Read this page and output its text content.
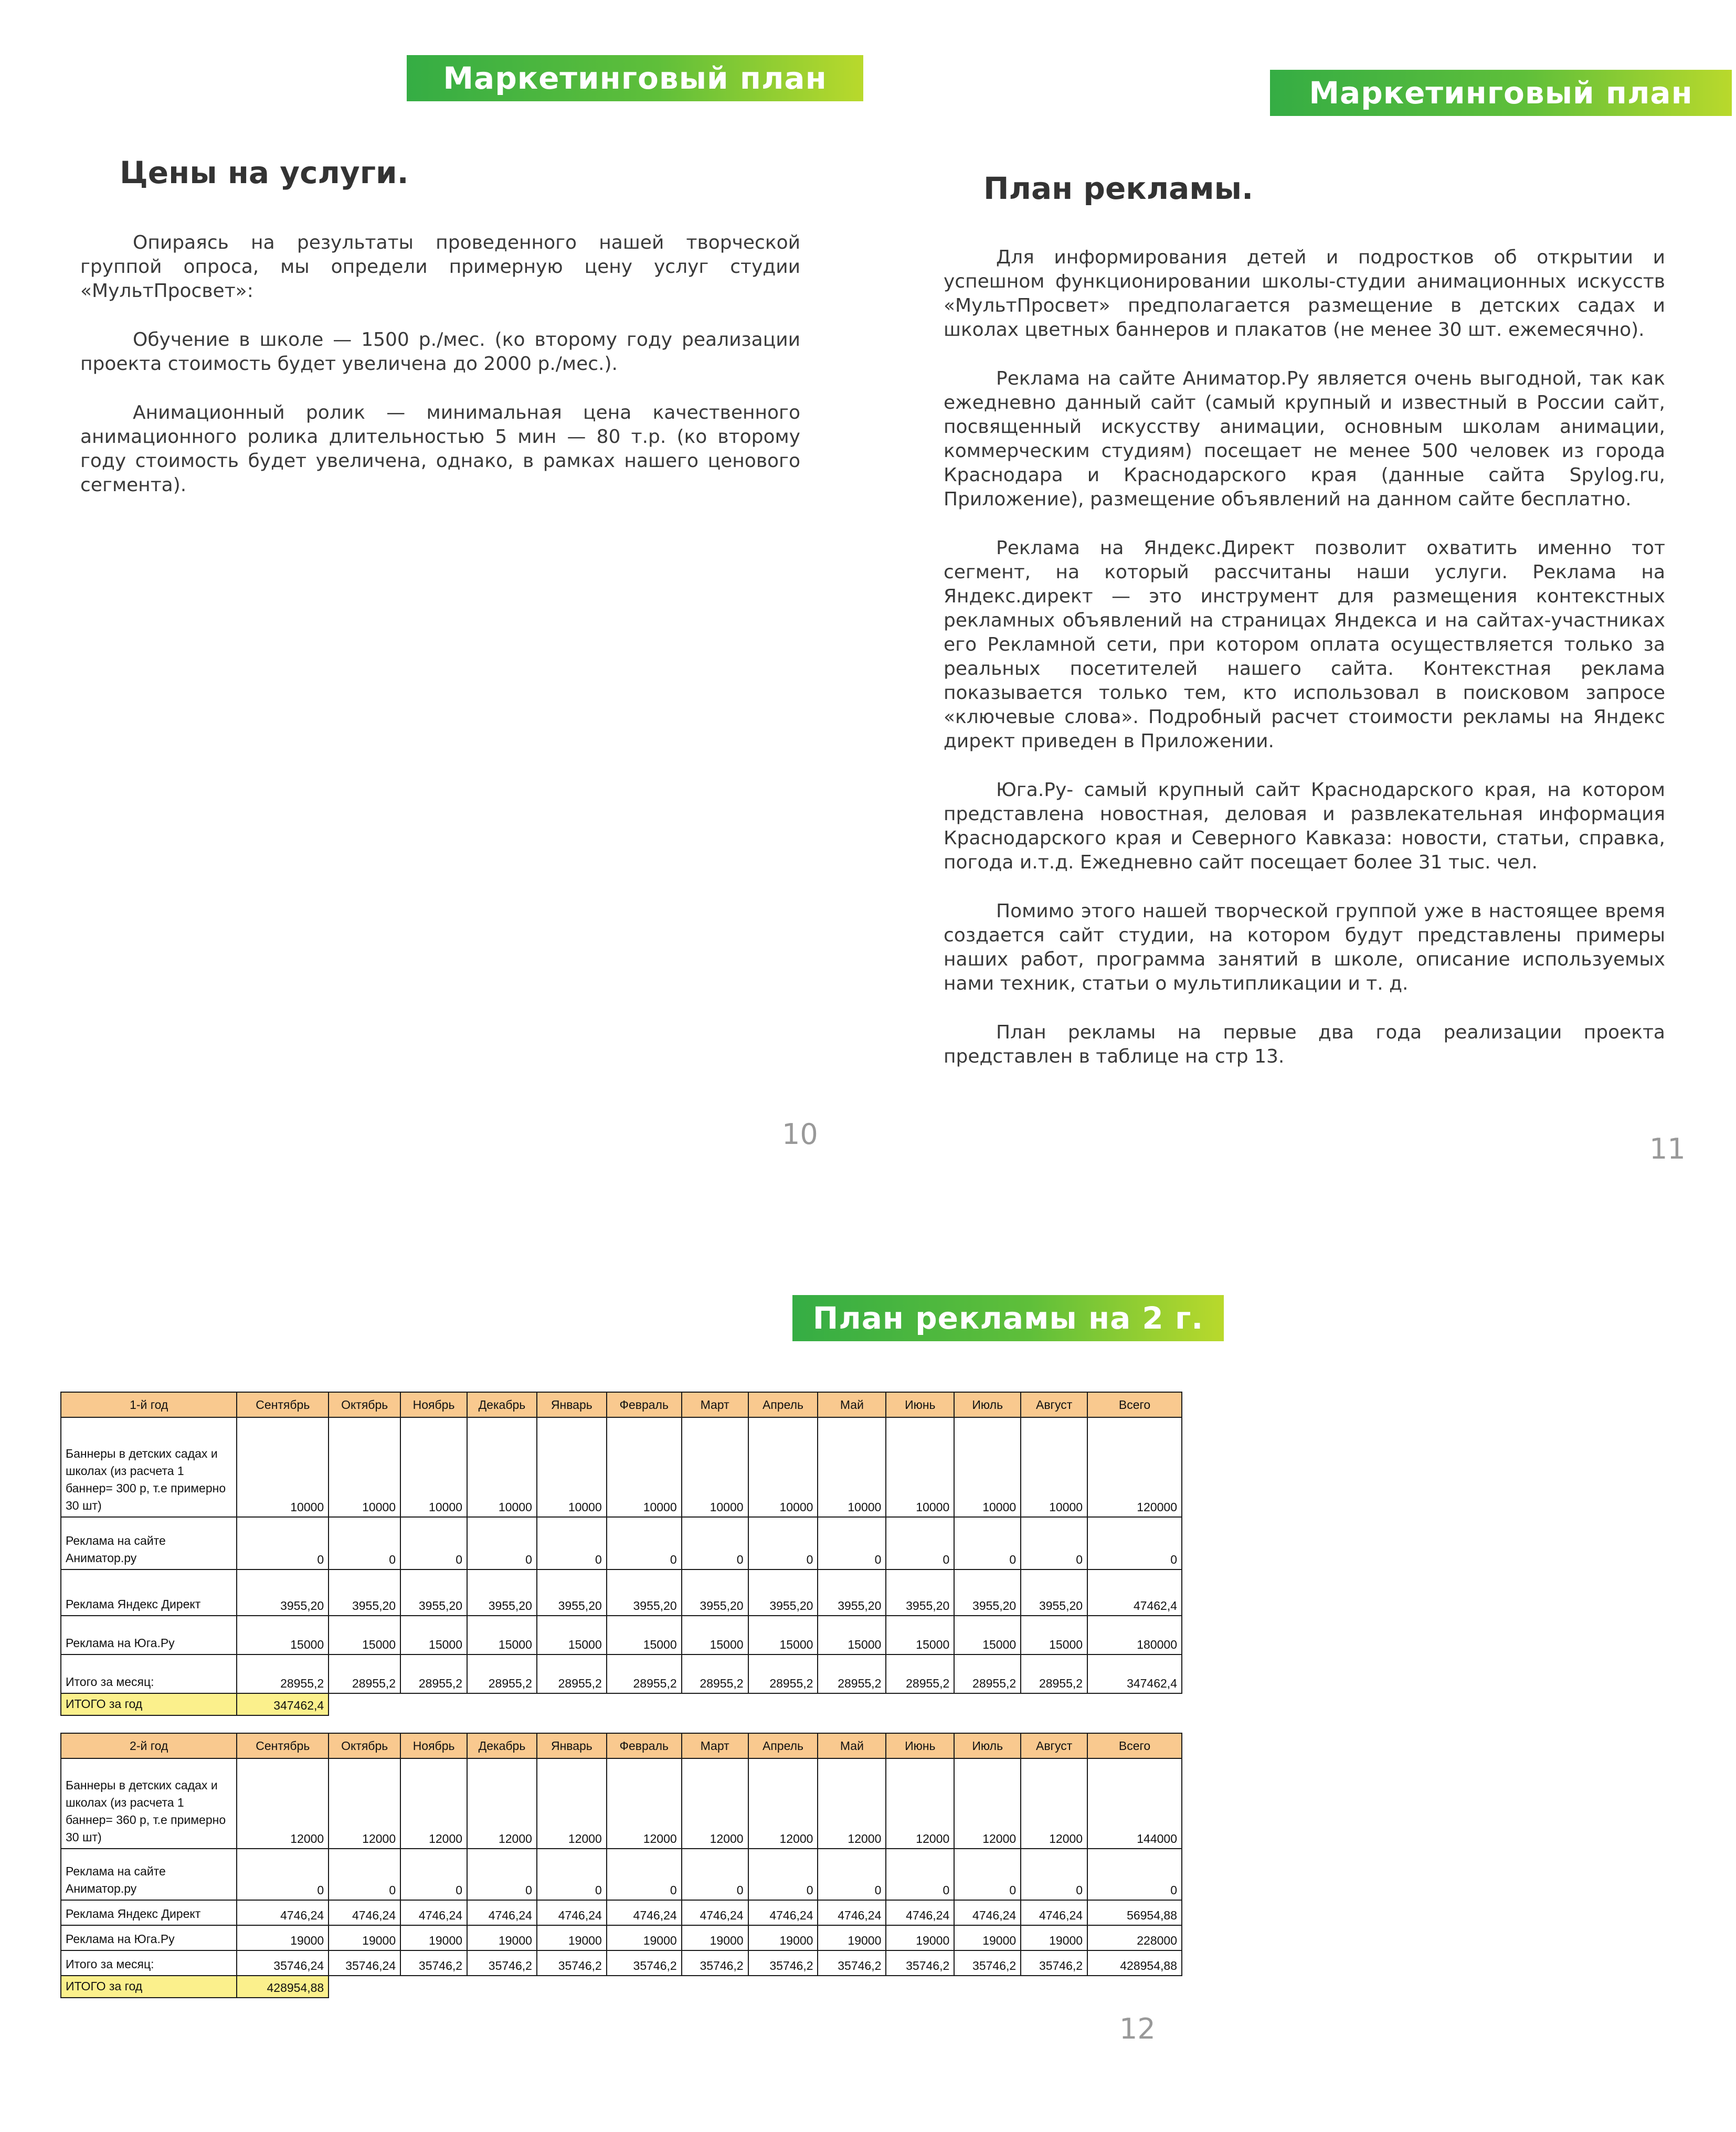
Маркетинговый план
Цены на услуги.

Опираясь на результаты проведенного нашей творческой группой опроса, мы определи примерную цену услуг студии «МультПросвет»:

Обучение в школе — 1500 р./мес. (ко второму году реализации проекта стоимость будет увеличена до 2000 р./мес.).

Анимационный ролик — минимальная цена качественного анимационного ролика длительностью 5 мин — 80 т.р. (ко второму году стоимость будет увеличена, однако, в рамках нашего ценового сегмента).

10
Маркетинговый план
План рекламы.

Для информирования детей и подростков об открытии и успешном функционировании школы-студии анимационных искусств «МультПросвет» предполагается размещение в детских садах и школах цветных баннеров и плакатов (не менее 30 шт. ежемесячно).

Реклама на сайте Аниматор.Ру является очень выгодной, так как ежедневно данный сайт (самый крупный и известный в России сайт, посвященный искусству анимации, основным школам анимации, коммерческим студиям) посещает не менее 500 человек из города Краснодара и Краснодарского края (данные сайта Spylog.ru, Приложение), размещение объявлений на данном сайте бесплатно.

Реклама на Яндекс.Директ позволит охватить именно тот сегмент, на который рассчитаны наши услуги. Реклама на Яндекс.директ — это инструмент для размещения контекстных рекламных объявлений на страницах Яндекса и на сайтах-участниках его Рекламной сети, при котором оплата осуществляется только за реальных посетителей нашего сайта. Контекстная реклама показывается только тем, кто использовал в поисковом запросе «ключевые слова». Подробный расчет стоимости рекламы на Яндекс директ приведен в Приложении.

Юга.Ру- самый крупный сайт Краснодарского края, на котором представлена новостная, деловая и развлекательная информация Краснодарского края и Северного Кавказа: новости, статьи, справка, погода и.т.д. Ежедневно сайт посещает более 31 тыс. чел.

Помимо этого нашей творческой группой уже в настоящее время создается сайт студии, на котором будут представлены примеры наших работ, программа занятий в школе, описание используемых нами техник, статьи о мультипликации и т. д.

План рекламы на первые два года реализации проекта представлен в таблице на стр 13.

11
План рекламы на 2 г.
1-й год	Сентябрь	Октябрь	Ноябрь	Декабрь	Январь	Февраль	Март	Апрель	Май	Июнь	Июль	Август	Всего
Баннеры в детских садах и школах (из расчета 1 баннер= 300 р, т.е примерно 30 шт)	10000	10000	10000	10000	10000	10000	10000	10000	10000	10000	10000	10000	120000
Реклама на сайте Аниматор.ру	0	0	0	0	0	0	0	0	0	0	0	0	0
Реклама Яндекс Директ	3955,20	3955,20	3955,20	3955,20	3955,20	3955,20	3955,20	3955,20	3955,20	3955,20	3955,20	3955,20	47462,4
Реклама на Юга.Ру	15000	15000	15000	15000	15000	15000	15000	15000	15000	15000	15000	15000	180000
Итого за месяц:	28955,2	28955,2	28955,2	28955,2	28955,2	28955,2	28955,2	28955,2	28955,2	28955,2	28955,2	28955,2	347462,4
ИТОГО за год	347462,4												
2-й год	Сентябрь	Октябрь	Ноябрь	Декабрь	Январь	Февраль	Март	Апрель	Май	Июнь	Июль	Август	Всего
Баннеры в детских садах и школах (из расчета 1 баннер= 360 р, т.е примерно 30 шт)	12000	12000	12000	12000	12000	12000	12000	12000	12000	12000	12000	12000	144000
Реклама на сайте Аниматор.ру	0	0	0	0	0	0	0	0	0	0	0	0	0
Реклама Яндекс Директ	4746,24	4746,24	4746,24	4746,24	4746,24	4746,24	4746,24	4746,24	4746,24	4746,24	4746,24	4746,24	56954,88
Реклама на Юга.Ру	19000	19000	19000	19000	19000	19000	19000	19000	19000	19000	19000	19000	228000
Итого за месяц:	35746,24	35746,24	35746,2	35746,2	35746,2	35746,2	35746,2	35746,2	35746,2	35746,2	35746,2	35746,2	428954,88
ИТОГО за год	428954,88												
12
